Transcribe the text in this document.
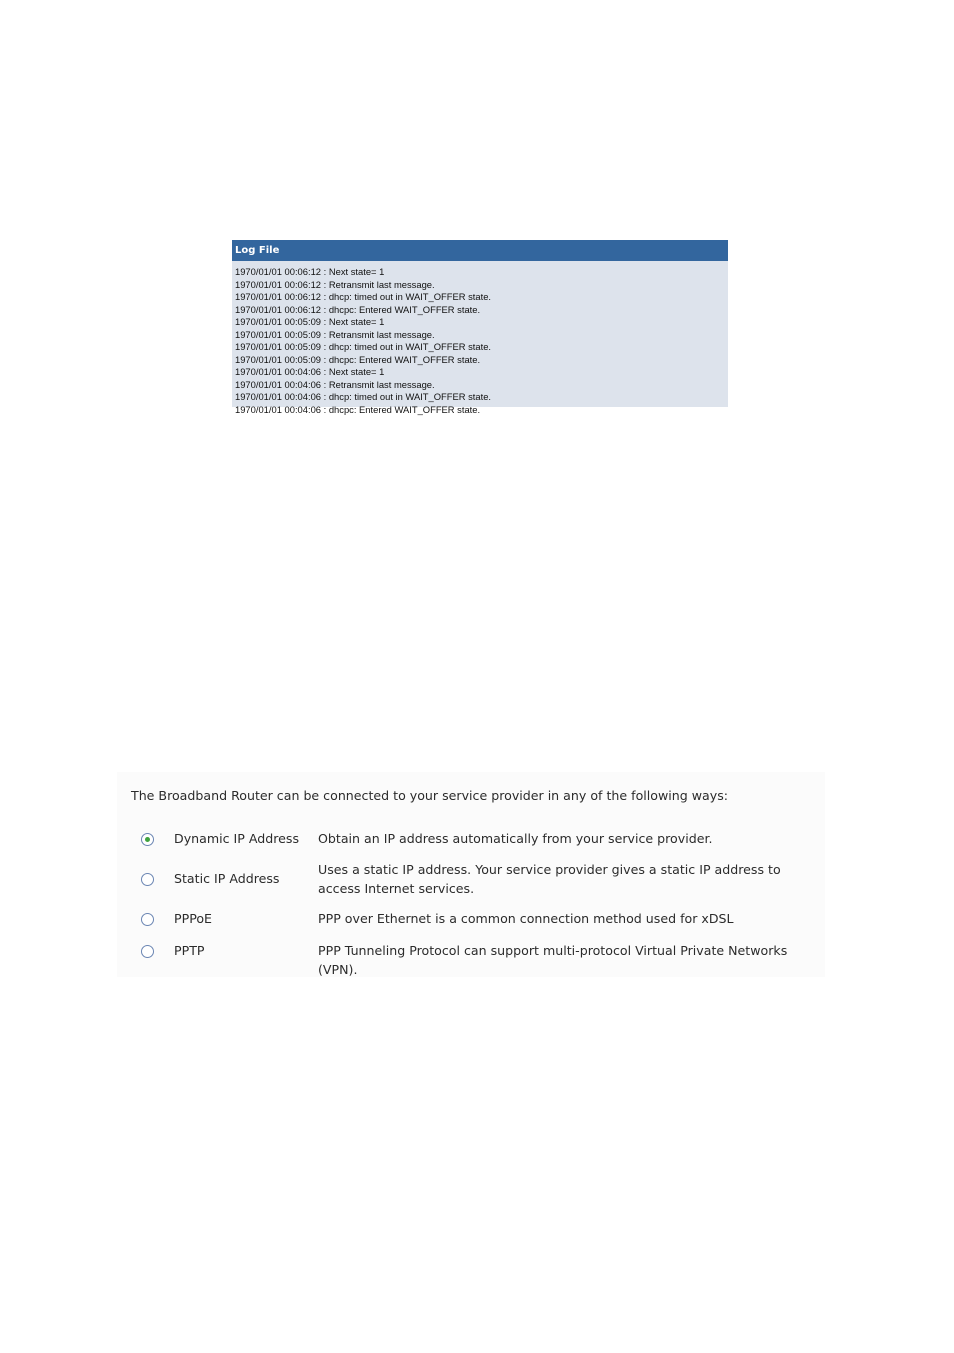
Log File
1970/01/01 00:06:12 : Next state= 1
1970/01/01 00:06:12 : Retransmit last message.
1970/01/01 00:06:12 : dhcp: timed out in WAIT_OFFER state.
1970/01/01 00:06:12 : dhcpc: Entered WAIT_OFFER state.
1970/01/01 00:05:09 : Next state= 1
1970/01/01 00:05:09 : Retransmit last message.
1970/01/01 00:05:09 : dhcp: timed out in WAIT_OFFER state.
1970/01/01 00:05:09 : dhcpc: Entered WAIT_OFFER state.
1970/01/01 00:04:06 : Next state= 1
1970/01/01 00:04:06 : Retransmit last message.
1970/01/01 00:04:06 : dhcp: timed out in WAIT_OFFER state.
1970/01/01 00:04:06 : dhcpc: Entered WAIT_OFFER state.
The Broadband Router can be connected to your service provider in any of the following ways:
Dynamic IP Address Obtain an IP address automatically from your service provider.
Static IP Address
Uses a static IP address. Your service provider gives a static IP address to access Internet services.
PPPoE	PPP over Ethernet is a common connection method used for xDSL
PPTP	PPP Tunneling Protocol can support multi-protocol Virtual Private Networks (VPN).
